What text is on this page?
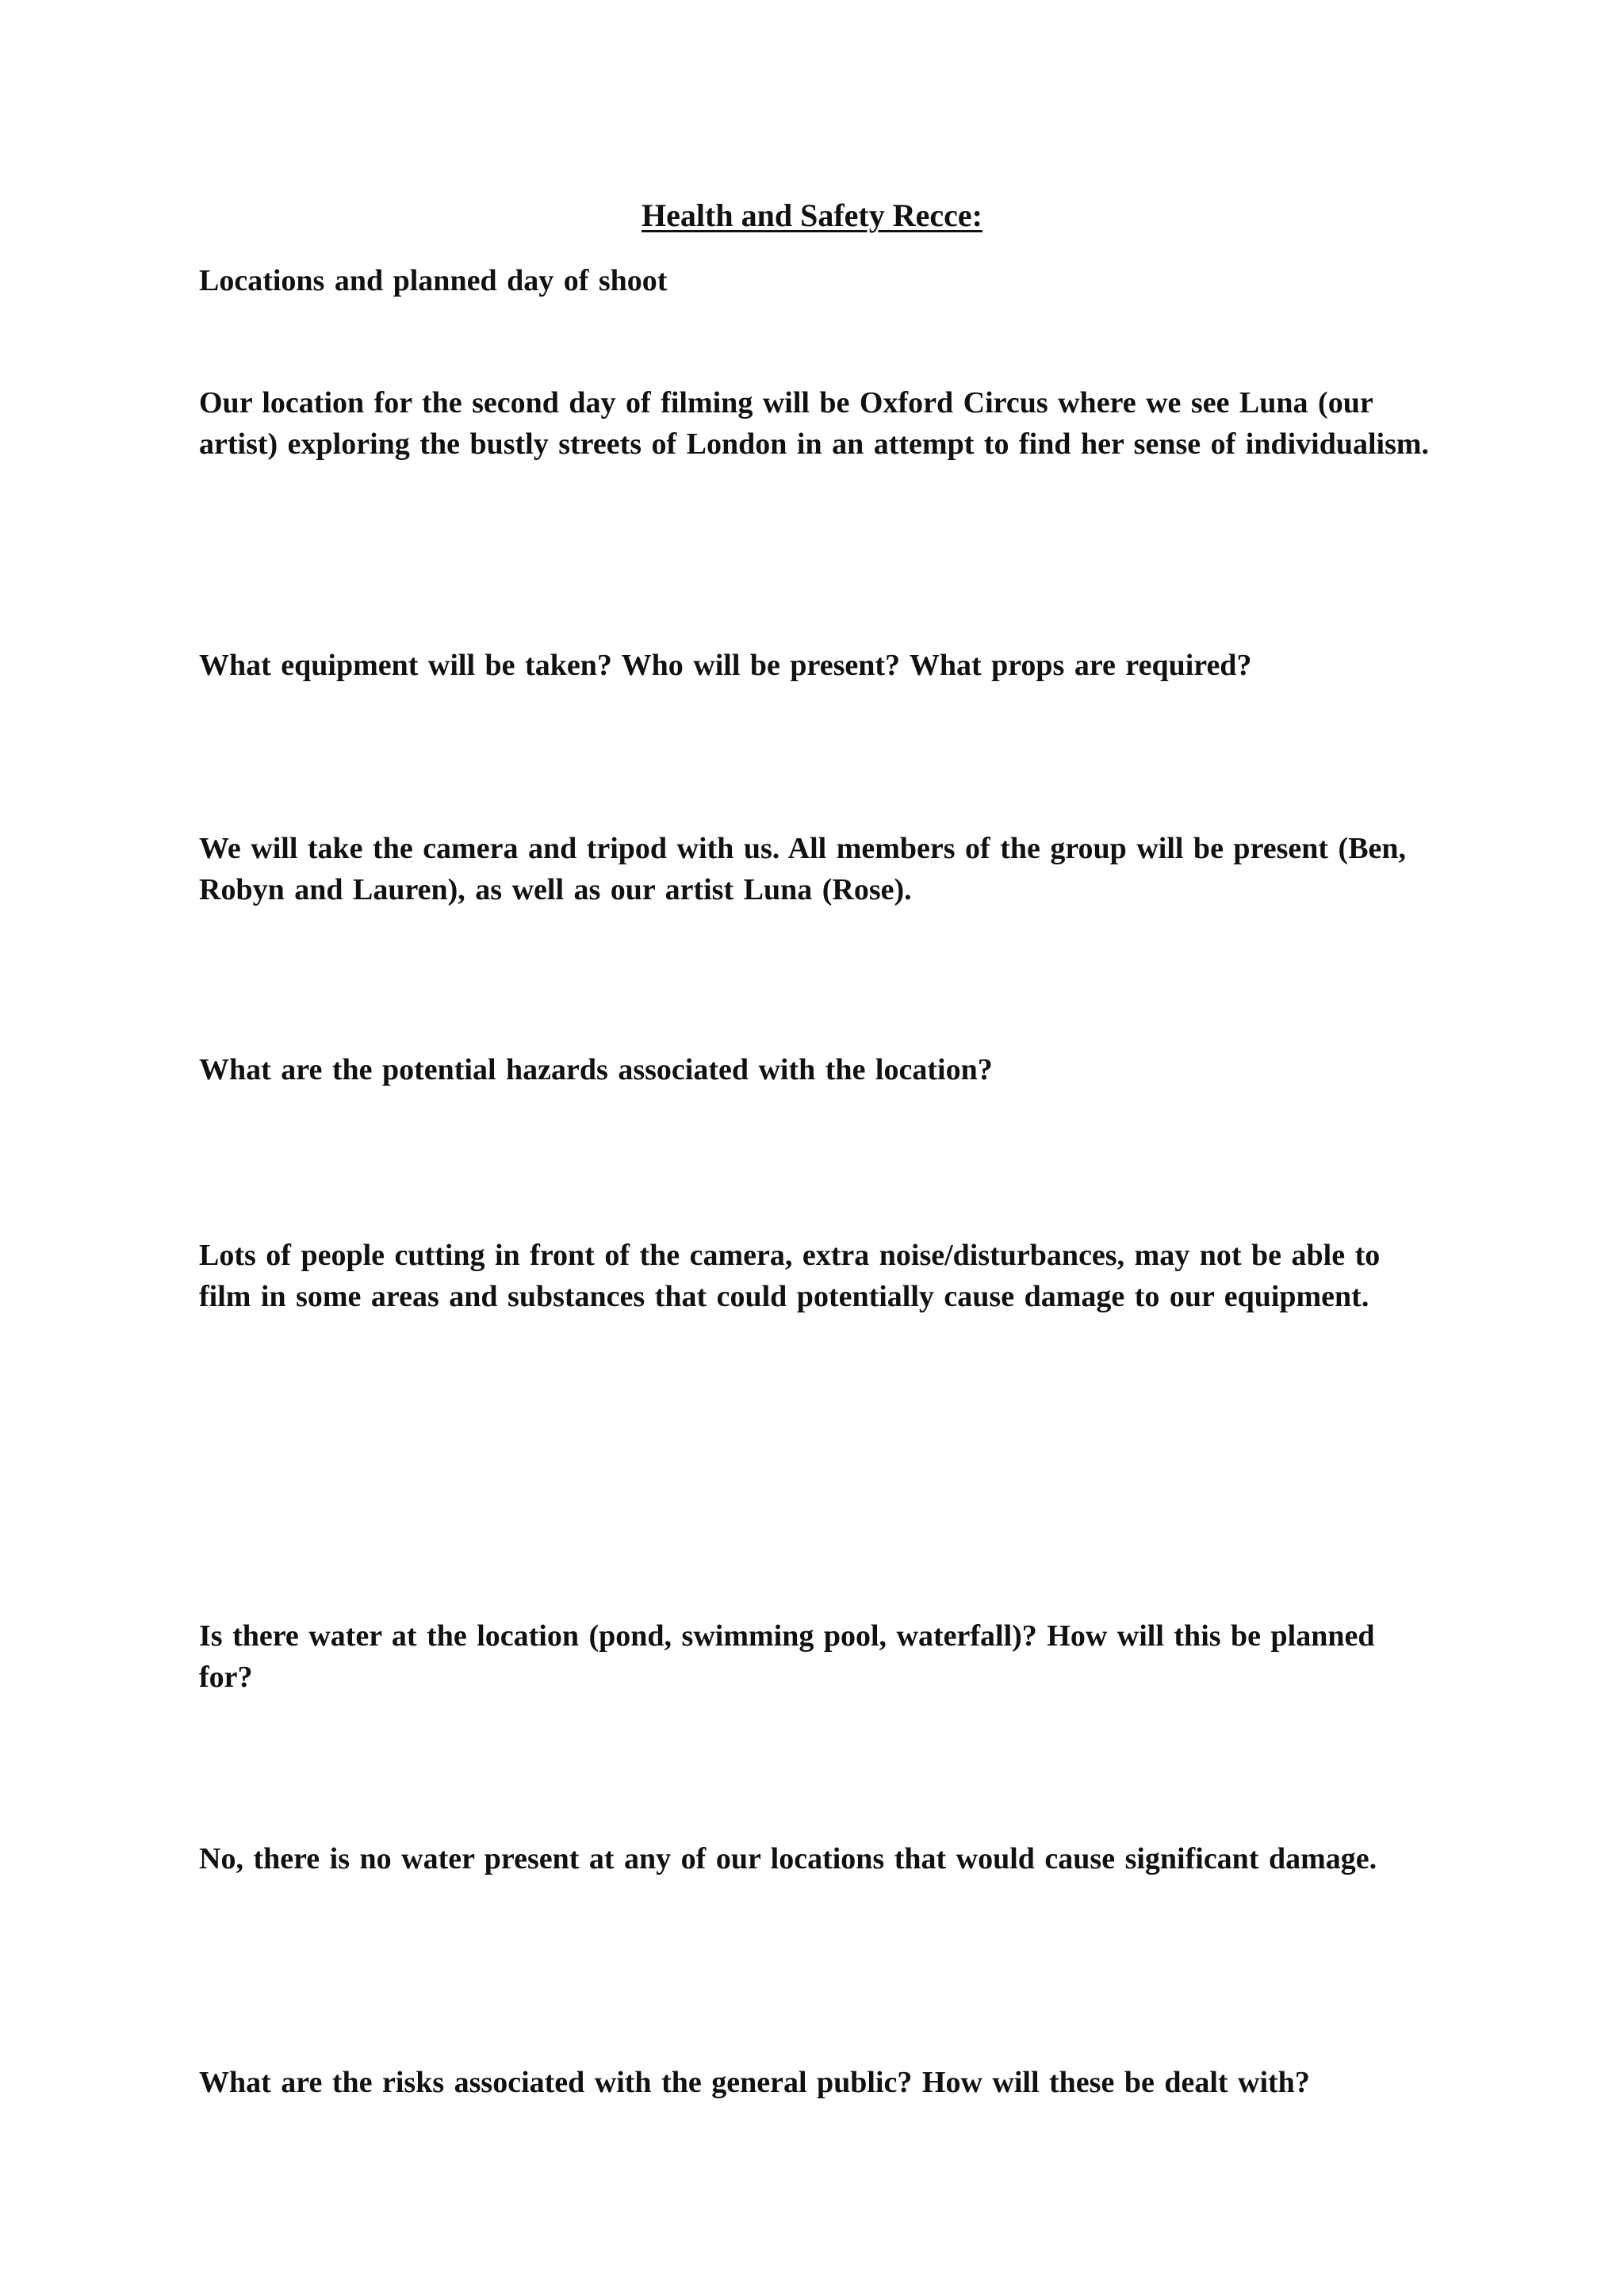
Health and Safety Recce:

Locations and planned day of shoot

Our location for the second day of filming will be Oxford Circus where we see Luna (our artist) exploring the bustly streets of London in an attempt to find her sense of individualism.

What equipment will be taken? Who will be present? What props are required?

We will take the camera and tripod with us. All members of the group will be present (Ben, Robyn and Lauren), as well as our artist Luna (Rose).

What are the potential hazards associated with the location?

Lots of people cutting in front of the camera, extra noise/disturbances, may not be able to film in some areas and substances that could potentially cause damage to our equipment.

Is there water at the location (pond, swimming pool, waterfall)? How will this be planned for?

No, there is no water present at any of our locations that would cause significant damage.

What are the risks associated with the general public? How will these be dealt with?
